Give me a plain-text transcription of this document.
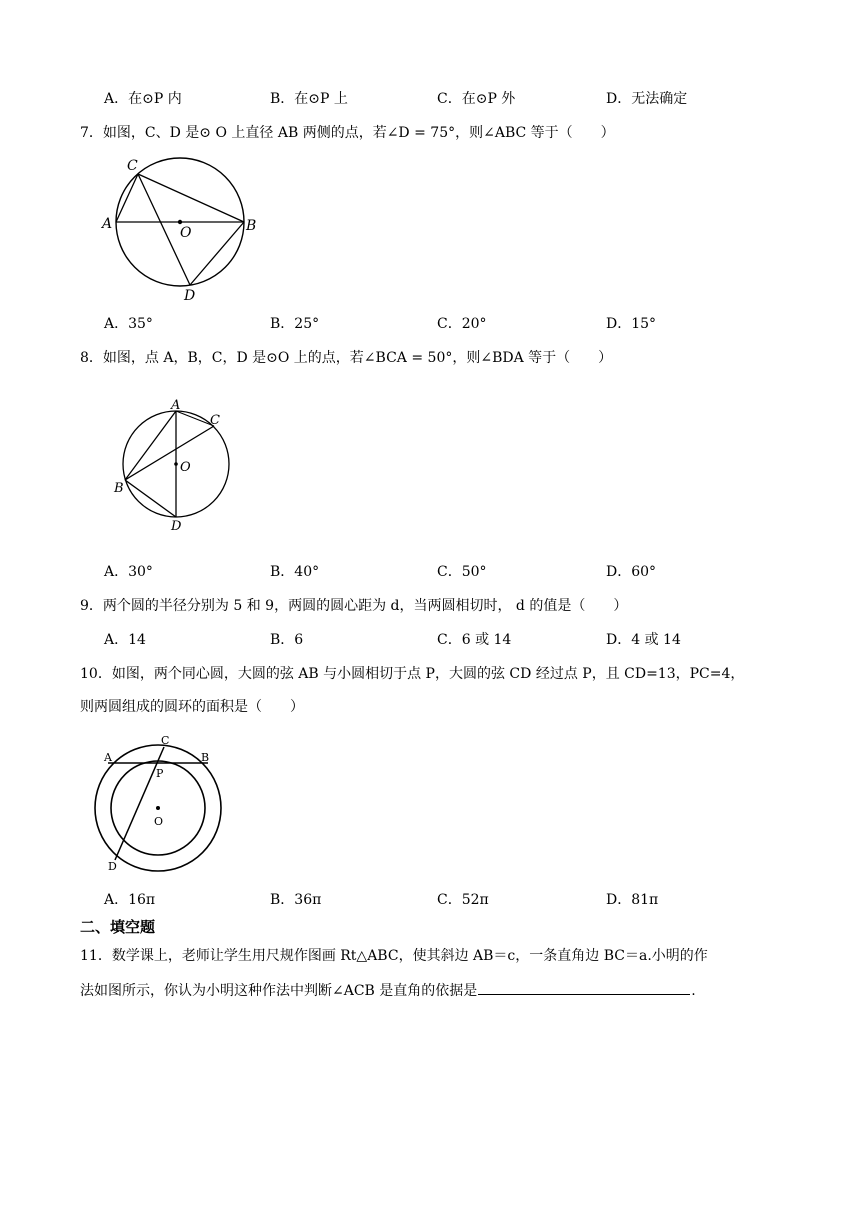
A．在⊙P 内	B．在⊙P 上	C．在⊙P 外	D．无法确定
7．如图，C、D 是⊙ O 上直径 AB 两侧的点，若∠D = 75°，则∠ABC 等于（　　）
C
A
O	B
D
A．35°	B．25°	C．20°	D．15°
8．如图，点 A，B，C，D 是⊙O 上的点，若∠BCA = 50°，则∠BDA 等于（　　）
A
C
O
B
D
A．30°	B．40°	C．50°	D．60°
9．两个圆的半径分别为 5 和 9，两圆的圆心距为 d，当两圆相切时， d 的值是（　　）
A．14	B．6	C．6 或 14	D．4 或 14
10．如图，两个同心圆，大圆的弦 AB 与小圆相切于点 P，大圆的弦 CD 经过点 P，且 CD=13，PC=4，
则两圆组成的圆环的面积是（　　）
A
C
B
P
O
D
A．16π	B．36π	C．52π	D．81π
二、填空题
11．数学课上，老师让学生用尺规作图画 Rt△ABC，使其斜边 AB＝c，一条直角边 BC＝a.小明的作
法如图所示，你认为小明这种作法中判断∠ACB 是直角的依据是	.
